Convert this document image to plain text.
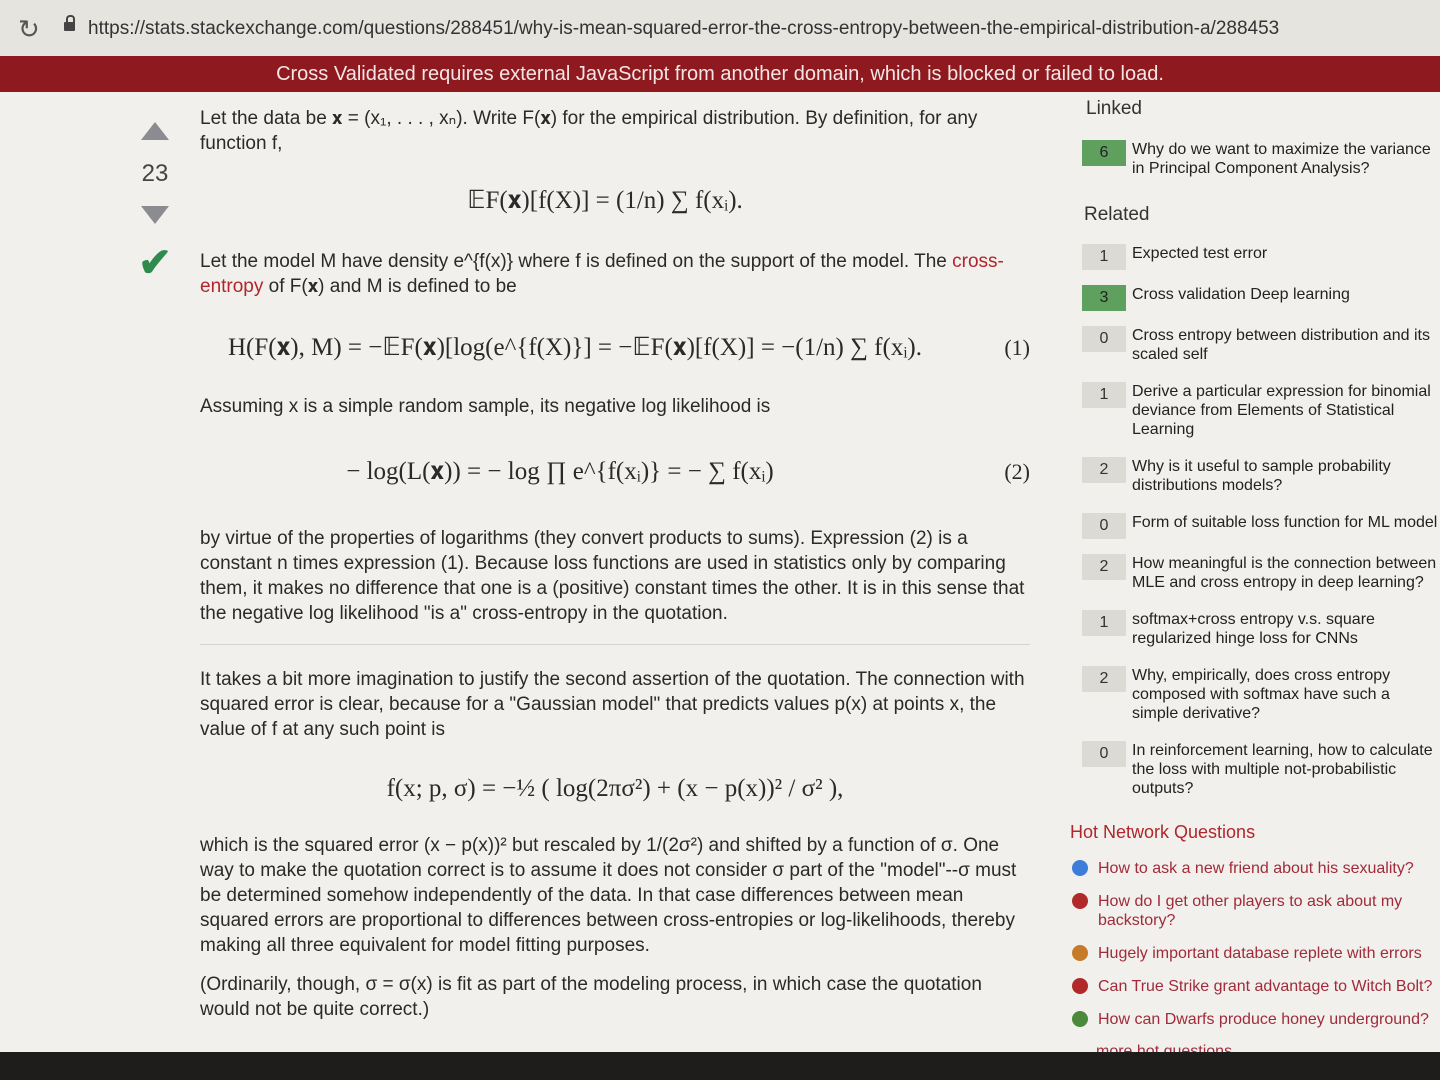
↻	https://stats.stackexchange.com/questions/288451/why-is-mean-squared-error-the-cross-entropy-between-the-empirical-distribution-a/288453
Cross Validated requires external JavaScript from another domain, which is blocked or failed to load.
23
✔
Let the data be 𝐱 = (x₁, . . . , xₙ). Write F(𝐱) for the empirical distribution. By definition, for any
function f,
𝔼F(𝐱)[f(X)] = (1/n) ∑ f(xᵢ).
Let the model M have density e^{f(x)} where f is defined on the support of the model. The cross-entropy of F(𝐱) and M is defined to be
H(F(𝐱), M) = −𝔼F(𝐱)[log(e^{f(X)}] = −𝔼F(𝐱)[f(X)] = −(1/n) ∑ f(xᵢ).	(1)
Assuming x is a simple random sample, its negative log likelihood is
− log(L(𝐱)) = − log ∏ e^{f(xᵢ)} = − ∑ f(xᵢ)	(2)
by virtue of the properties of logarithms (they convert products to sums). Expression (2) is a constant n times expression (1). Because loss functions are used in statistics only by comparing them, it makes no difference that one is a (positive) constant times the other. It is in this sense that the negative log likelihood "is a" cross-entropy in the quotation.
It takes a bit more imagination to justify the second assertion of the quotation. The connection with squared error is clear, because for a "Gaussian model" that predicts values p(x) at points x, the value of f at any such point is
f(x; p, σ) = −½ ( log(2πσ²) + (x − p(x))² / σ² ),
which is the squared error (x − p(x))² but rescaled by 1/(2σ²) and shifted by a function of σ. One way to make the quotation correct is to assume it does not consider σ part of the "model"--σ must be determined somehow independently of the data. In that case differences between mean squared errors are proportional to differences between cross-entropies or log-likelihoods, thereby making all three equivalent for model fitting purposes.
(Ordinarily, though, σ = σ(x) is fit as part of the modeling process, in which case the quotation would not be quite correct.)
Linked
6	Why do we want to maximize the variance in Principal Component Analysis?
Related
1	Expected test error
3	Cross validation Deep learning
0	Cross entropy between distribution and its scaled self
1	Derive a particular expression for binomial deviance from Elements of Statistical Learning
2	Why is it useful to sample probability distributions models?
0	Form of suitable loss function for ML model
2	How meaningful is the connection between MLE and cross entropy in deep learning?
1	softmax+cross entropy v.s. square regularized hinge loss for CNNs
2	Why, empirically, does cross entropy composed with softmax have such a simple derivative?
0	In reinforcement learning, how to calculate the loss with multiple not-probabilistic outputs?
Hot Network Questions
How to ask a new friend about his sexuality?
How do I get other players to ask about my backstory?
Hugely important database replete with errors
Can True Strike grant advantage to Witch Bolt?
How can Dwarfs produce honey underground?
